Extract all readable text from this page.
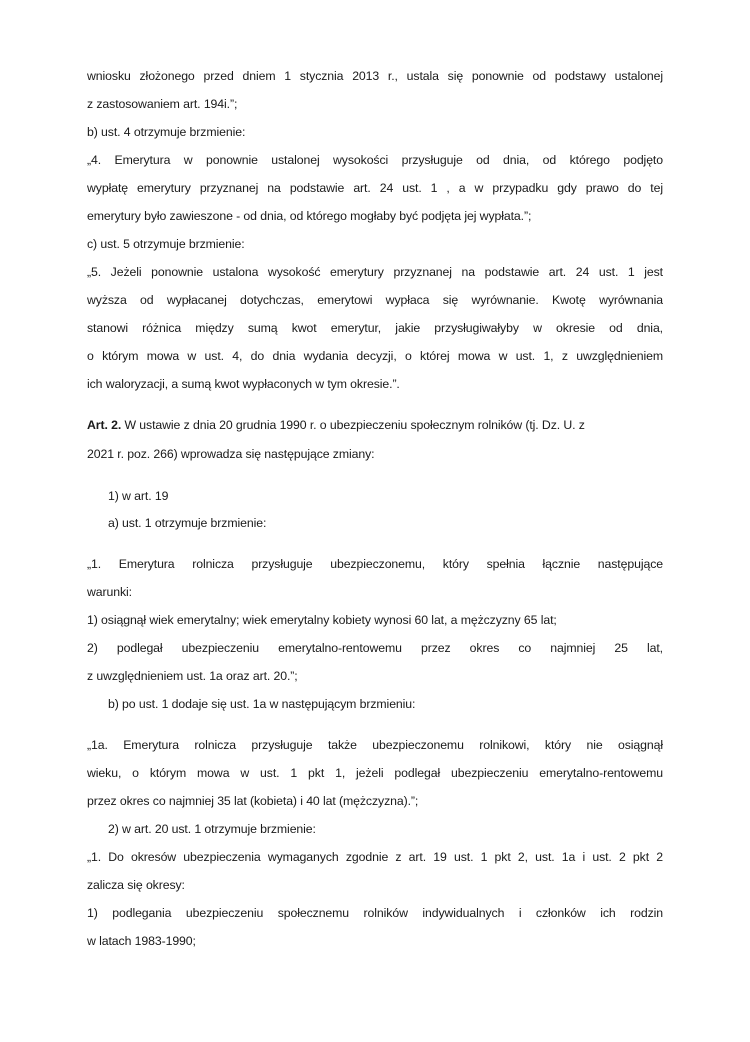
wniosku złożonego przed dniem 1 stycznia 2013 r., ustala się ponownie od podstawy ustalonej
z zastosowaniem art. 194i.”;
b) ust. 4 otrzymuje brzmienie:
„4. Emerytura w ponownie ustalonej wysokości przysługuje od dnia, od którego podjęto
wypłatę emerytury przyznanej na podstawie art. 24 ust. 1 , a w przypadku gdy prawo do tej
emerytury było zawieszone - od dnia, od którego mogłaby być podjęta jej wypłata.”;
c) ust. 5 otrzymuje brzmienie:
„5. Jeżeli ponownie ustalona wysokość emerytury przyznanej na podstawie art. 24 ust. 1 jest
wyższa od wypłacanej dotychczas, emerytowi wypłaca się wyrównanie. Kwotę wyrównania
stanowi różnica między sumą kwot emerytur, jakie przysługiwałyby w okresie od dnia,
o którym mowa w ust. 4, do dnia wydania decyzji, o której mowa w ust. 1, z uwzględnieniem
ich waloryzacji, a sumą kwot wypłaconych w tym okresie.”.
Art. 2. W ustawie z dnia 20 grudnia 1990 r. o ubezpieczeniu społecznym rolników (tj. Dz. U. z
2021 r. poz. 266) wprowadza się następujące zmiany:
1) w art. 19
a) ust. 1 otrzymuje brzmienie:
„1. Emerytura rolnicza przysługuje ubezpieczonemu, który spełnia łącznie następujące
warunki:
1) osiągnął wiek emerytalny; wiek emerytalny kobiety wynosi 60 lat, a mężczyzny 65 lat;
2) podlegał ubezpieczeniu emerytalno-rentowemu przez okres co najmniej 25 lat,
z uwzględnieniem ust. 1a oraz art. 20.”;
b) po ust. 1 dodaje się ust. 1a w następującym brzmieniu:
„1a. Emerytura rolnicza przysługuje także ubezpieczonemu rolnikowi, który nie osiągnął
wieku, o którym mowa w ust. 1 pkt 1, jeżeli podlegał ubezpieczeniu emerytalno-rentowemu
przez okres co najmniej 35 lat (kobieta) i 40 lat (mężczyzna).”;
2) w art. 20 ust. 1 otrzymuje brzmienie:
„1. Do okresów ubezpieczenia wymaganych zgodnie z art. 19 ust. 1 pkt 2, ust. 1a i ust. 2 pkt 2
zalicza się okresy:
1) podlegania ubezpieczeniu społecznemu rolników indywidualnych i członków ich rodzin
w latach 1983-1990;
